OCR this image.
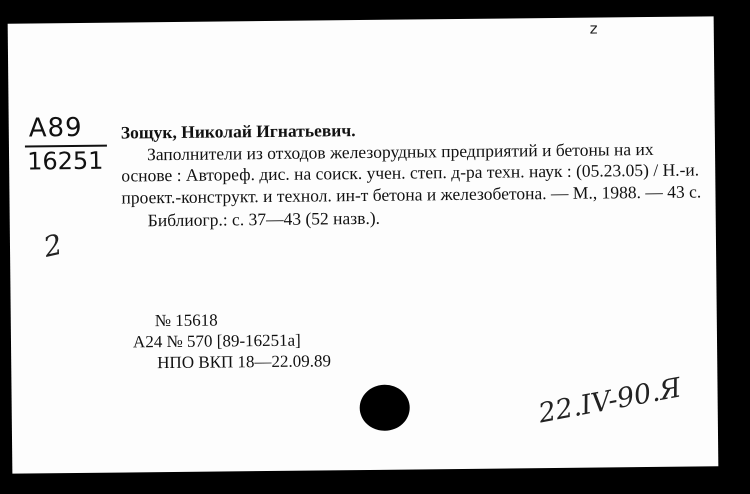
z
А89
16251
2

Зощук, Николай Игнатьевич.

Заполнители из отходов железорудных предприятий и бетоны на их основе : Автореф. дис. на соиск. учен. степ. д-ра техн. наук : (05.23.05) / Н.-и. проект.-конструкт. и технол. ин-т бетона и железобетона. — М., 1988. — 43 с.

Библиогр.: с. 37—43 (52 назв.).

№ 15618
А24 № 570 [89-16251а]
НПО ВКП 18—22.09.89
22.IV-90.Я
